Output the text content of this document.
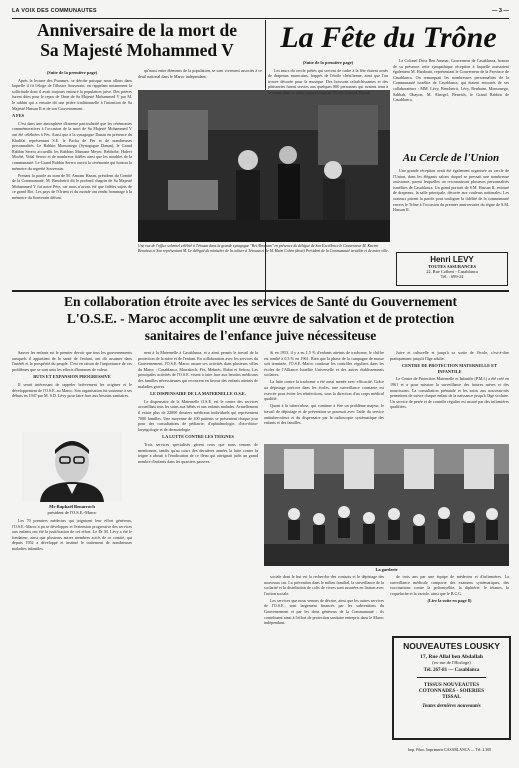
LA VOIX DES COMMUNAUTES	— 3 —
Anniversaire de la mort de
Sa Majesté Mohammed V	La Fête du Trône
(Suite de la première page)

Après la lecture des Psaumes, se dérobe puisque nous allons dans laquelle il fit l'éloge de l'illustre Souverain, en rappelant notamment la sollicitude dont il avait toujours entouré la population juive. Des prières furent dites pour le repos de l'âme de Sa Majesté Mohammed V par M. le rabbin qui a ensuite dit une prière traditionnelle à l'intention de Sa Majesté Hassan II et de son Gouvernement.

A FES

C'est dans une atmosphère d'intense particularité que les cérémonies commémoratives à l'occasion de la mort de Sa Majesté Mohammed V ont été célébrées à Fès. Aussi que à la synagogue Danan en présence du Khalifat représentant S.E. le Pacha de Fès et de nombreuses personnalités. Le Rabbin Monsonego (Synagogue Danan), le Grand Rabbin Serero accueillit les Rabbins Mamane Meyer, Rebbohe, Halevi Moché, Vidal Serero et de nombreux fidèles ainsi que les notables de la communauté. Le Grand Rabbin Serero ouvrit la cérémonie qui honora la mémoire du regretté Souverain.

Prenant la parole au nom de M. Amram Hazan, président du Comité de la Communauté, M. Benchetrit dit le profond chagrin de Sa Majesté Mohammed V fut notre Père, car nous n'avons été que fidèles sujets de ce grand Roi. Les pays de l'Orient et du monde ont rendu hommage à la mémoire du Souverain défunt.

qu'aussi entre éléments de la population, se sont vivement associés à ce deuil national dans le Maroc indépendant.

Une vue de l'office solennel célébré à Tétouan dans la grande synagogue "Bet Abraham" en présence du délégué de Son Excellence le Gouverneur M. Kacem Benaïssa et Son représentant M. Le délégué du ministère de la culture à Tétouan et de M. Haim Cohen (droit) Président de la Communauté israélite et de notre ville.
(Suite de la première page)

Les murs du cercle prêtés qui servent de cadre à la fête étaient ornés de drapeaux marocains, frappés de l'étoile chérifienne, ainsi que l'on trouve décorée pour la musique. Des boissons rafraîchissantes et des pâtisseries furent servies aux quelques 800 personnes qui avaient tenu à se réunir dans le cadre sympathique de l'Ecole Talmud Thorah.

Le Colonel Driss Ben Ammar, Gouverneur de Casablanca, honora de sa présence cette sympathique réception à laquelle assistaient également M. Hardouin, représentant le Gouverneur de la Province de Casablanca. On remarquait les nombreuses personnalités de la Communauté israélite de Casablanca, qui étaient entourés de ses collaborateurs : MM. Lévy, Benchetrit, Lévy, Benhaim, Monsonego, Sabbah, Ohayon, M. Abergel, Beneich, le Grand Rabbin de Casablanca.

Au Cercle de l'Union

Une grande réception avait été également organisée au cercle de l'Union, dans les élégants salons duquel se pressait une nombreuse assistance, parmi lesquelles on reconnaissait plusieurs personnalités israélites de Casablanca. Un grand portrait de S.M. Hassan II, entouré de drapeaux, la salle principale, décorée aux couleurs nationales. Les orateurs prirent la parole pour souligner la fidélité de la communauté envers le Trône à l'occasion du premier anniversaire du règne de S.M. Hassan II.

Henri LEVY
TOUTES ASSURANCES
22, Rue Colbert - Casablanca
Tél. : 699-24
En collaboration étroite avec les services de Santé du Gouvernement
L'O.S.E. - Maroc accomplit une œuvre de salvation et de protection
sanitaires de l'enfance juive nécessiteuse

Sauver les enfants est le premier devoir que tous les gouvernements auxquels il appartient de la santé de l'enfant, ont dû assumer dans l'intérêt et la prospérité du peuple. C'est en raison de l'importance de ces problèmes que se sont unis les efforts d'hommes de valeur.

BUTS ET EXPANSION PROGRESSIVE

Il serait intéressant de rappeler brièvement les origines et le développement de l'O.S.E. au Maroc. Son organisation fut soutenue à ses débuts en 1947 par M. S.D. Lévy pour faire face aux besoins sanitaires.

Mr Raphaël Benarroch
président de l'O.S.E.-Maroc

Les 70 premiers médecins qui joignirent leur effort généreux, l'O.S.E.-Maroc a pu se développer et l'extension progressive des services aux enfants ont été la justification de cet effort. Le Dr M. Lévy a été le fondateur, ainsi que plusieurs autres membres actifs de ce comité, qui depuis 1952 a développé et institué le traitement de nombreuses maladies infantiles.

nent à la Maternelle à Casablanca, et a ainsi permis le travail de la protection de la mère et de l'enfant. En collaboration avec les services du Gouvernement, l'O.S.E.-Maroc assure ses activités dans plusieurs villes du Maroc : Casablanca, Marrakech, Fès, Meknès, Rabat et Sefrou. Les principales activités de l'O.S.E. visent à faire face aux besoins médicaux des familles nécessiteuses qui recourent en faveur des enfants atteints de maladies graves.

LE DISPENSAIRE DE LA MATERNELLE O.S.E.

Le dispensaire de la Maternelle O.S.E. est le centre des services accueillant tous les soins aux bébés et aux enfants malades. Actuellement il existe plus de 22000 dossiers médicaux individuels qui représentent 7000 familles. Une moyenne de 100 patients se présentent chaque jour pour des consultations de pédiatrie, d'ophtalmologie, d'oto-rhino-laryngologie et de dermatologie.

LA LUTTE CONTRE LES TEIGNES

Trois services spécialisés gèrent ceux que nous venons de mentionner, tandis qu'au cours des dernières années la lutte contre la teigne a abouti à l'éradication de ce fléau qui atteignait jadis un grand nombre d'enfants dans les quartiers pauvres.

Si en 1953, il y a eu 1,5 % d'enfants atteints de trachome, le chiffre est tombé à 0,3 % en 1961. Bien que la phase de la campagne de masse soit terminée, l'O.S.E.-Maroc continue les contrôles réguliers dans les écoles de l'Alliance Israélite Universelle et des autres établissements scolaires.

La lutte contre la trachome a été aussi menée avec efficacité. Grâce au dépistage précoce dans les écoles, une surveillance constante est exercée pour éviter les réinfections, sous la direction d'un corps médical qualifié.

Quant à la tuberculose, qui continue à être un problème majeur, le travail de dépistage et de prévention se poursuit avec l'aide du service antituberculeux et du dispensaire par la radioscopie systématique des enfants et des familles.

Juive et culturelle et jusqu'à sa sortie de l'école, c'est-à-dire pratiquement jusqu'à l'âge adulte.

CENTRE DE PROTECTION MATERNELLE ET INFANTILE

Le Centre de Protection Maternelle et Infantile (P.M.I.) a été créé en 1961 et a pour mission la surveillance des futures mères et des nourrissons. La consultation prénatale et les soins aux nouveau-nés permettent de suivre chaque enfant de la naissance jusqu'à l'âge scolaire. Un service de pesée et de contrôle régulier est assuré par des infirmières qualifiées.

La garderie

sociale dont le but est la recherche des contacts et le dépistage des nouveaux cas. La prévention dans le milieu familial, la surveillance de la scolarité et la distribution de colis de vivres sont assurées en liaison avec l'action sociale.

Les services que nous venons de décrire, ainsi que les autres services de l'O.S.E., sont largement financés par les subventions du Gouvernement et par les dons généreux de la Communauté ; ils contribuent ainsi à l'effort de protection sanitaire entrepris dans le Maroc indépendant.

de trois ans par une équipe de médecins et d'infirmières. La surveillance médicale comporte des examens systématiques, des vaccinations contre la poliomyélite, la diphtérie, le tétanos, la coqueluche et la variole, ainsi que le B.C.G.

(Lire la suite en page 8)
NOUVEAUTES LOUSKY
17, Rue Allal ben Abdallah
(ex-rue de l'Horloge)
Tél. 267-81 — Casablanca
TISSUS NOUVEAUTES
COTONNADES - SOIERIES
TISSAL
Toutes dernières nouveautés
Imp. Fibro, Imprimerie CASABLANCA — Tél. 2.300
